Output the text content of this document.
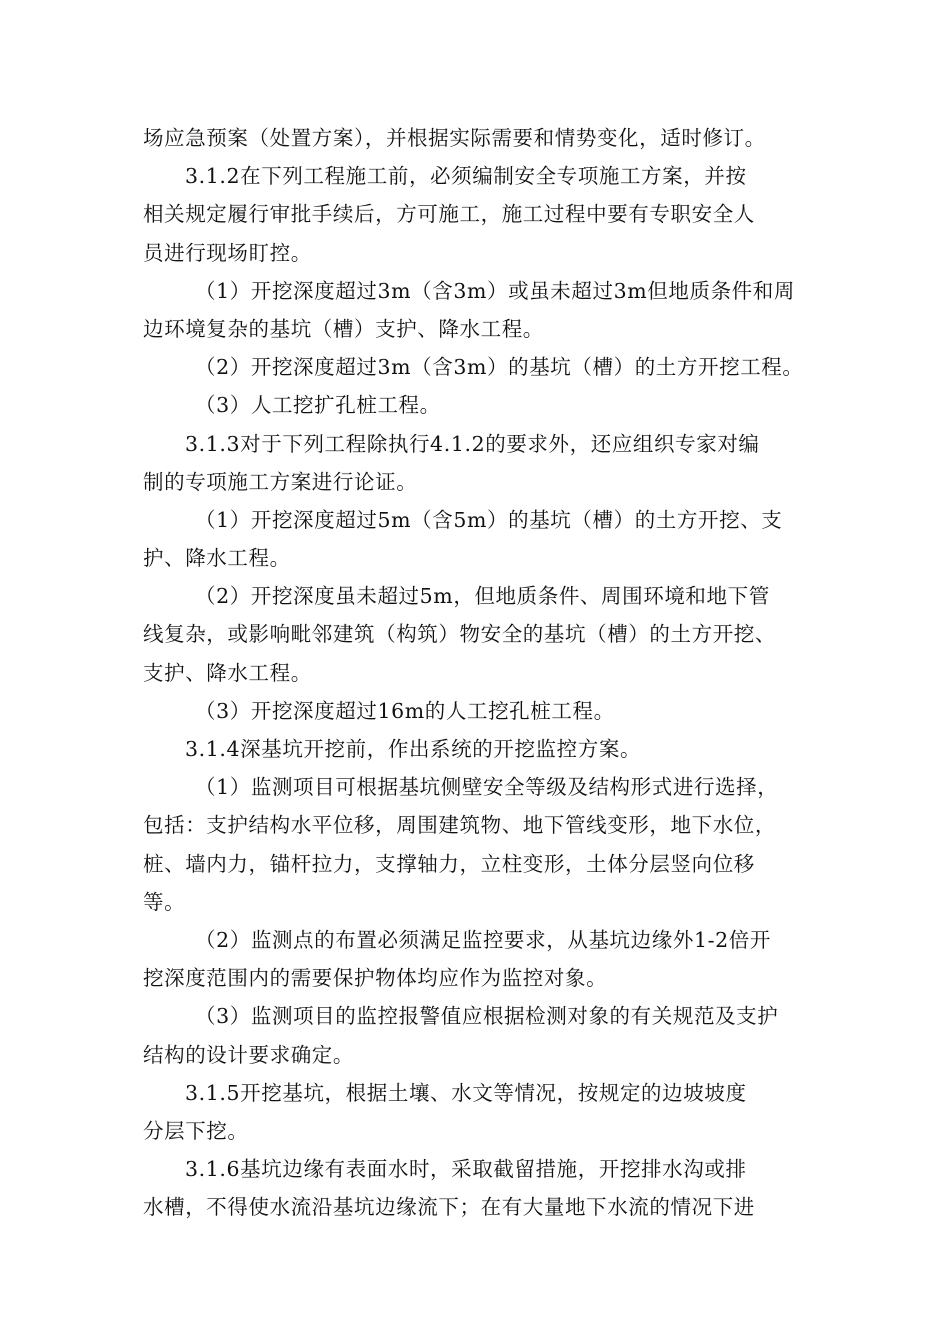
场应急预案（处置方案），并根据实际需要和情势变化，适时修订。
3.1.2在下列工程施工前，必须编制安全专项施工方案，并按
相关规定履行审批手续后，方可施工，施工过程中要有专职安全人
员进行现场盯控。
（1）开挖深度超过3m（含3m）或虽未超过3m但地质条件和周
边环境复杂的基坑（槽）支护、降水工程。
（2）开挖深度超过3m（含3m）的基坑（槽）的土方开挖工程。
（3）人工挖扩孔桩工程。
3.1.3对于下列工程除执行4.1.2的要求外，还应组织专家对编
制的专项施工方案进行论证。
（1）开挖深度超过5m（含5m）的基坑（槽）的土方开挖、支
护、降水工程。
（2）开挖深度虽未超过5m，但地质条件、周围环境和地下管
线复杂，或影响毗邻建筑（构筑）物安全的基坑（槽）的土方开挖、
支护、降水工程。
（3）开挖深度超过16m的人工挖孔桩工程。
3.1.4深基坑开挖前，作出系统的开挖监控方案。
（1）监测项目可根据基坑侧壁安全等级及结构形式进行选择，
包括：支护结构水平位移，周围建筑物、地下管线变形，地下水位，
桩、墙内力，锚杆拉力，支撑轴力，立柱变形，土体分层竖向位移
等。
（2）监测点的布置必须满足监控要求，从基坑边缘外1-2倍开
挖深度范围内的需要保护物体均应作为监控对象。
（3）监测项目的监控报警值应根据检测对象的有关规范及支护
结构的设计要求确定。
3.1.5开挖基坑，根据土壤、水文等情况，按规定的边坡坡度
分层下挖。
3.1.6基坑边缘有表面水时，采取截留措施，开挖排水沟或排
水槽，不得使水流沿基坑边缘流下；在有大量地下水流的情况下进
